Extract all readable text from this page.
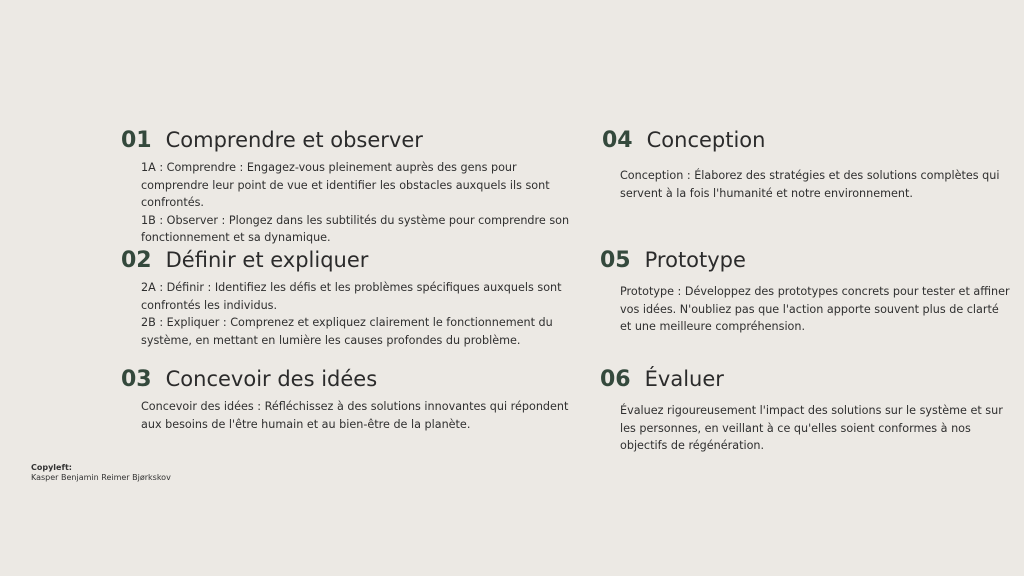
01 Comprendre et observer

1A : Comprendre : Engagez-vous pleinement auprès des gens pour comprendre leur point de vue et identifier les obstacles auxquels ils sont confrontés.

1B : Observer : Plongez dans les subtilités du système pour comprendre son fonctionnement et sa dynamique.

02 Définir et expliquer

2A : Définir : Identifiez les défis et les problèmes spécifiques auxquels sont confrontés les individus.

2B : Expliquer : Comprenez et expliquez clairement le fonctionnement du système, en mettant en lumière les causes profondes du problème.

03 Concevoir des idées

Concevoir des idées : Réfléchissez à des solutions innovantes qui répondent aux besoins de l'être humain et au bien-être de la planète.

04 Conception

Conception : Élaborez des stratégies et des solutions complètes qui servent à la fois l'humanité et notre environnement.

05 Prototype

Prototype : Développez des prototypes concrets pour tester et affiner vos idées. N'oubliez pas que l'action apporte souvent plus de clarté et une meilleure compréhension.

06 Évaluer

Évaluez rigoureusement l'impact des solutions sur le système et sur les personnes, en veillant à ce qu'elles soient conformes à nos objectifs de régénération.

Copyleft:
Kasper Benjamin Reimer Bjørkskov
